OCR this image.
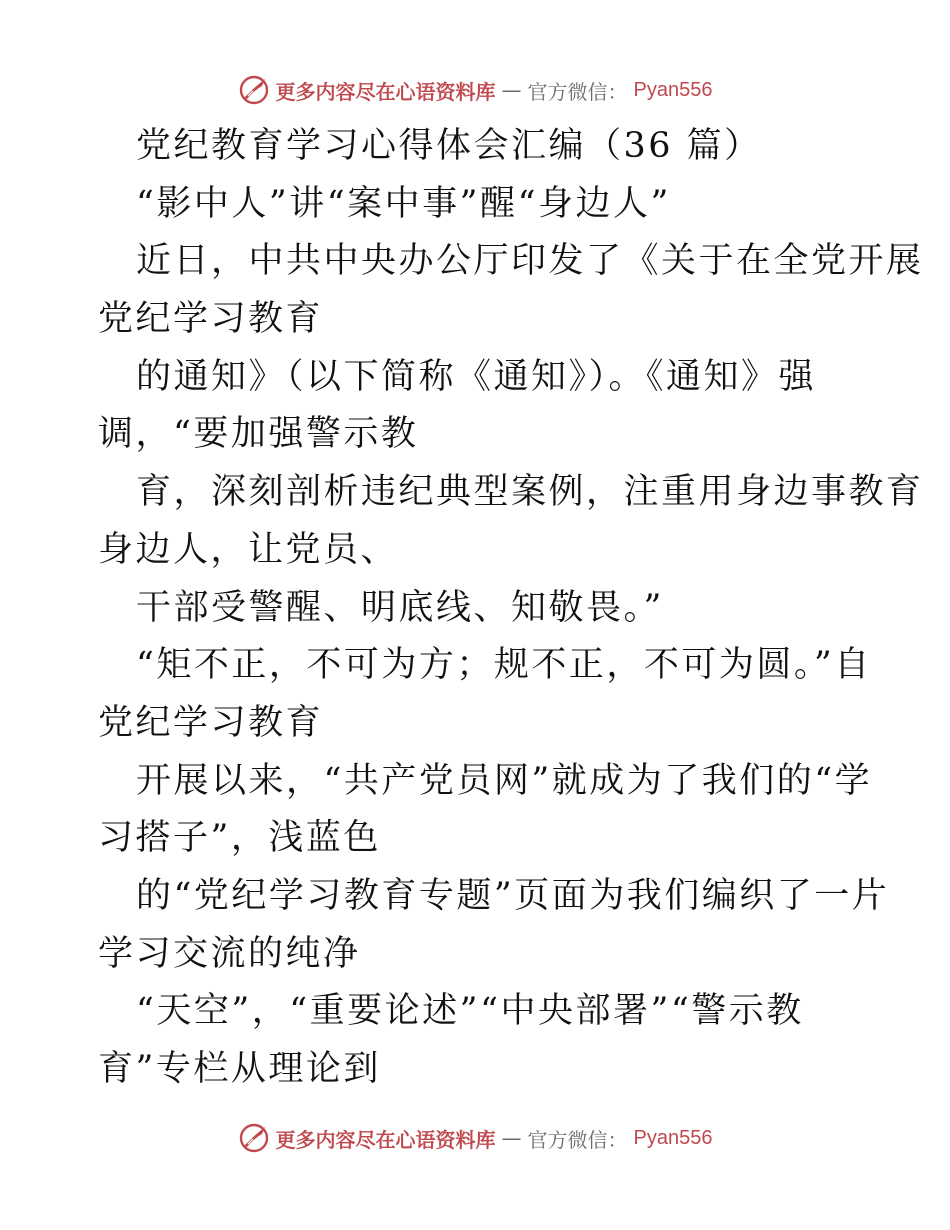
更多内容尽在心语资料库 — 官方微信： Pyan556
党纪教育学习心得体会汇编（36 篇）
“影中人”讲“案中事”醒“身边人”
近日，中共中央办公厅印发了《关于在全党开展
党纪学习教育
的通知》（以下简称《通知》）。《通知》强
调，“要加强警示教
育，深刻剖析违纪典型案例，注重用身边事教育
身边人，让党员、
干部受警醒、明底线、知敬畏。”
“矩不正，不可为方；规不正，不可为圆。”自
党纪学习教育
开展以来，“共产党员网”就成为了我们的“学
习搭子”，浅蓝色
的“党纪学习教育专题”页面为我们编织了一片
学习交流的纯净
“天空”，“重要论述”“中央部署”“警示教
育”专栏从理论到
更多内容尽在心语资料库 — 官方微信： Pyan556
